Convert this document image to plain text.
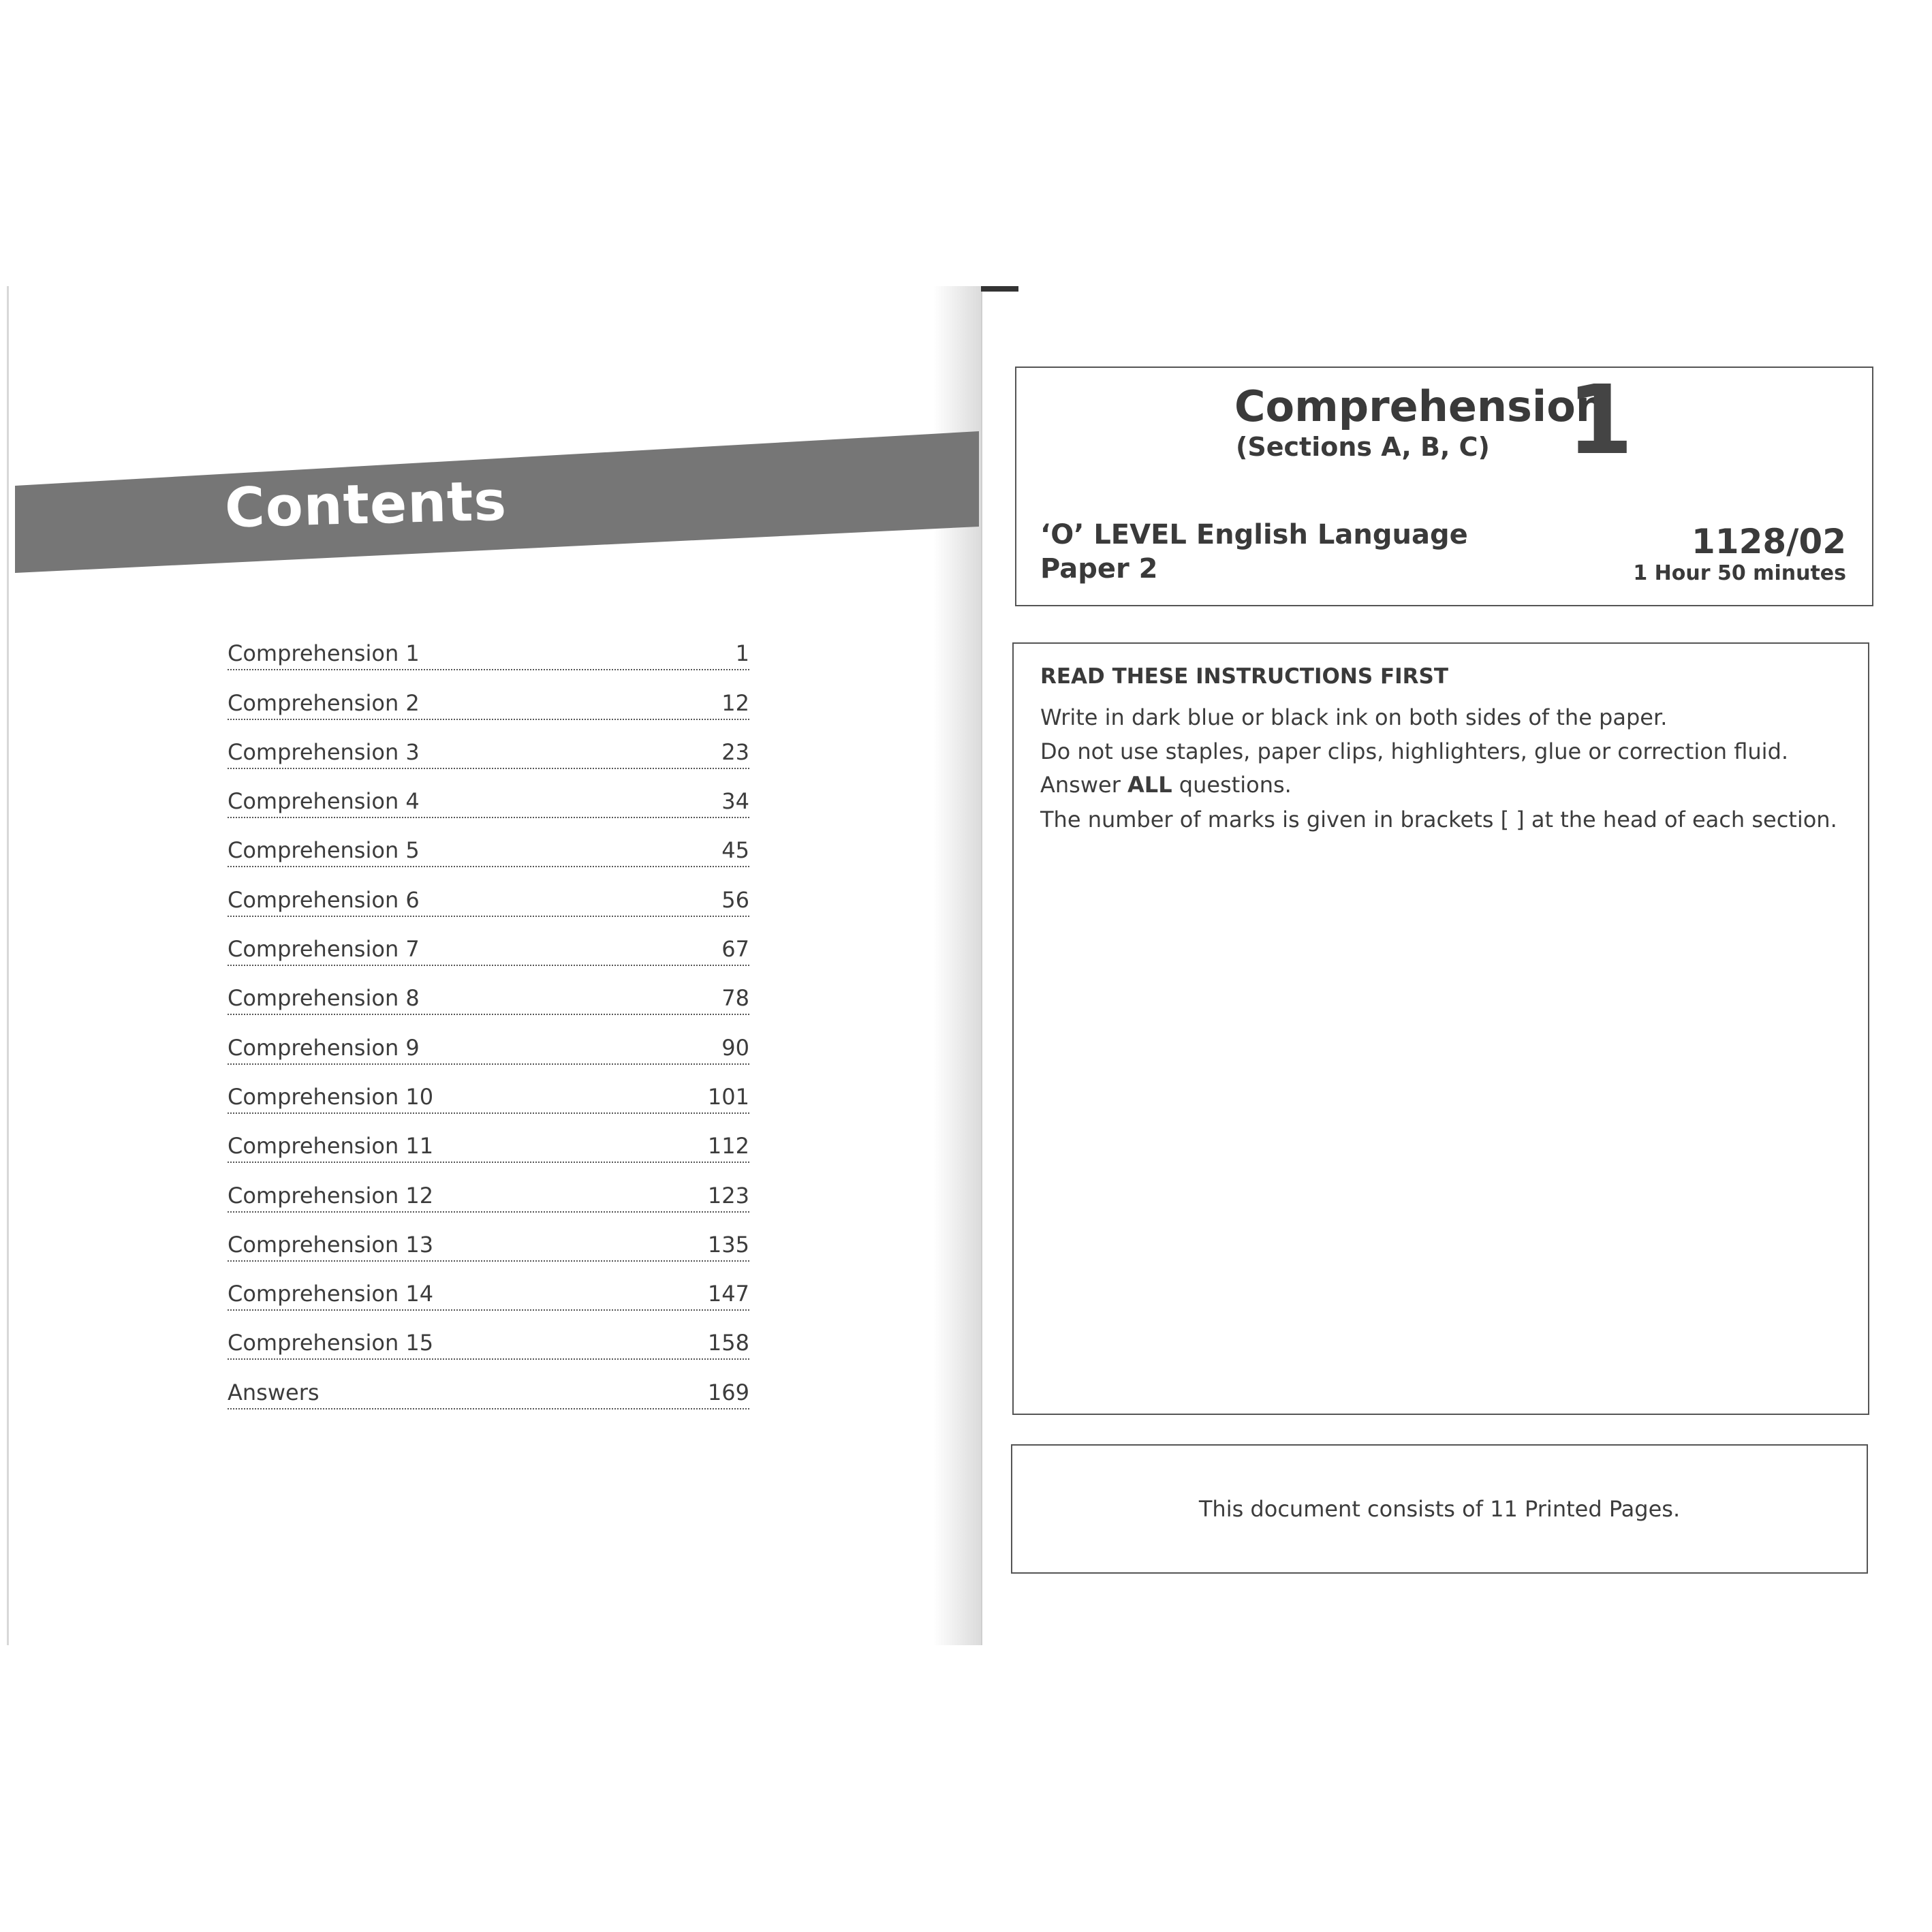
Contents
Comprehension 1	1
Comprehension 2	12
Comprehension 3	23
Comprehension 4	34
Comprehension 5	45
Comprehension 6	56
Comprehension 7	67
Comprehension 8	78
Comprehension 9	90
Comprehension 10	101
Comprehension 11	112
Comprehension 12	123
Comprehension 13	135
Comprehension 14	147
Comprehension 15	158
Answers	169
Comprehension
1
(Sections A, B, C)
‘O’ LEVEL English Language
Paper 2
1128/02
1 Hour 50 minutes
READ THESE INSTRUCTIONS FIRST
Write in dark blue or black ink on both sides of the paper.
Do not use staples, paper clips, highlighters, glue or correction fluid.
Answer ALL questions.
The number of marks is given in brackets [ ] at the head of each section.
This document consists of 11 Printed Pages.
